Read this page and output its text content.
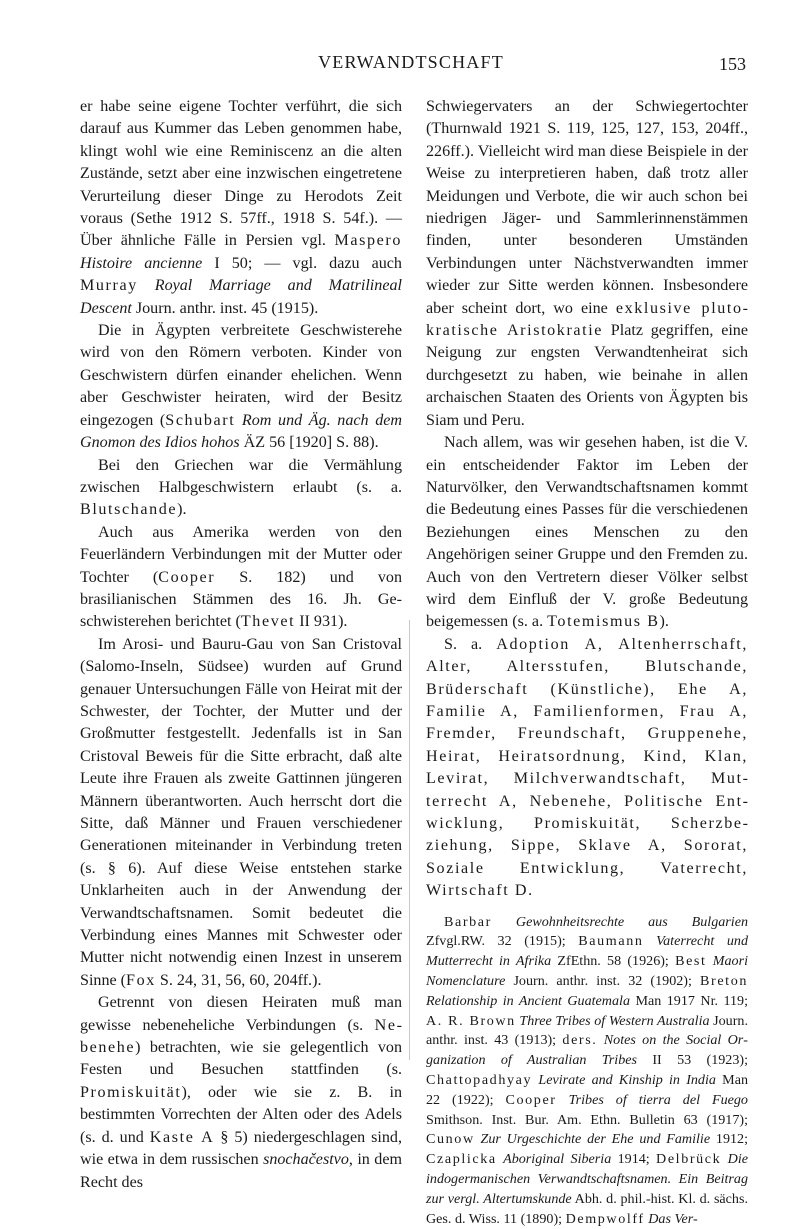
VERWANDTSCHAFT	153

er habe seine eigene Tochter verführt, die sich darauf aus Kummer das Leben genommen habe, klingt wohl wie eine Reminiscenz an die alten Zustände, setzt aber eine inzwischen eingetretene Verurteilung dieser Dinge zu Herodots Zeit voraus (Sethe 1912 S. 57ff., 1918 S. 54f.). — Über ähnliche Fälle in Persien vgl. Maspero Histoire ancienne I 50; — vgl. dazu auch Murray Royal Marriage and Matrilineal Descent Journ. anthr. inst. 45 (1915).

Die in Ägypten verbreitete Geschwisterehe wird von den Römern verboten. Kinder von Geschwistern dürfen einander ehelichen. Wenn aber Geschwister heiraten, wird der Besitz eingezogen (Schubart Rom und Äg. nach dem Gnomon des Idios hohos ÄZ 56 [1920] S. 88).

Bei den Griechen war die Vermählung zwischen Halbgeschwistern erlaubt (s. a. Blutschande).

Auch aus Amerika werden von den Feuerländern Verbindungen mit der Mutter oder Tochter (Cooper S. 182) und von brasilianischen Stämmen des 16. Jh. Geschwisterehen berichtet (Thevet II 931).

Im Arosi- und Bauru-Gau von San Cristoval (Salomo-Inseln, Südsee) wurden auf Grund genauer Untersuchungen Fälle von Heirat mit der Schwester, der Tochter, der Mutter und der Großmutter festgestellt. Jedenfalls ist in San Cristoval Beweis für die Sitte erbracht, daß alte Leute ihre Frauen als zweite Gattinnen jüngeren Männern überantworten. Auch herrscht dort die Sitte, daß Männer und Frauen verschiedener Generationen miteinander in Verbindung treten (s. § 6). Auf diese Weise entstehen starke Unklarheiten auch in der Anwendung der Verwandtschaftsnamen. Somit bedeutet die Verbindung eines Mannes mit Schwester oder Mutter nicht notwendig einen Inzest in unserem Sinne (Fox S. 24, 31, 56, 60, 204ff.).

Getrennt von diesen Heiraten muß man gewisse nebeneheliche Verbindungen (s. Nebenehe) betrachten, wie sie gelegentlich von Festen und Besuchen stattfinden (s. Promiskuität), oder wie sie z. B. in bestimmten Vorrechten der Alten oder des Adels (s. d. und Kaste A § 5) niedergeschlagen sind, wie etwa in dem russischen snochačestvo, in dem Recht des

Schwiegervaters an der Schwiegertochter (Thurnwald 1921 S. 119, 125, 127, 153, 204ff., 226ff.). Vielleicht wird man diese Beispiele in der Weise zu interpretieren haben, daß trotz aller Meidungen und Verbote, die wir auch schon bei niedrigen Jäger- und Sammlerinnenstämmen finden, unter besonderen Umständen Verbindungen unter Nächstverwandten immer wieder zur Sitte werden können. Insbesondere aber scheint dort, wo eine exklusive plutokratische Aristokratie Platz gegriffen, eine Neigung zur engsten Verwandtenheirat sich durchgesetzt zu haben, wie beinahe in allen archaischen Staaten des Orients von Ägypten bis Siam und Peru.

Nach allem, was wir gesehen haben, ist die V. ein entscheidender Faktor im Leben der Naturvölker, den Verwandtschaftsnamen kommt die Bedeutung eines Passes für die verschiedenen Beziehungen eines Menschen zu den Angehörigen seiner Gruppe und den Fremden zu. Auch von den Vertretern dieser Völker selbst wird dem Einfluß der V. große Bedeutung beigemessen (s. a. Totemismus B).

S. a. Adoption A, Altenherrschaft, Alter, Altersstufen, Blutschande, Brüderschaft (Künstliche), Ehe A, Familie A, Familienformen, Frau A, Fremder, Freundschaft, Gruppenehe, Heirat, Heiratsordnung, Kind, Klan, Levirat, Milchverwandtschaft, Mutterrecht A, Nebenehe, Politische Entwicklung, Promiskuität, Scherzbeziehung, Sippe, Sklave A, Sororat, Soziale Entwicklung, Vaterrecht, Wirtschaft D.

Barbar Gewohnheitsrechte aus Bulgarien Zfvgl.RW. 32 (1915); Baumann Vaterrecht und Mutterrecht in Afrika ZfEthn. 58 (1926); Best Maori Nomenclature Journ. anthr. inst. 32 (1902); Breton Relationship in Ancient Guatemala Man 1917 Nr. 119; A. R. Brown Three Tribes of Western Australia Journ. anthr. inst. 43 (1913); ders. Notes on the Social Organization of Australian Tribes II 53 (1923); Chattopadhyay Levirate and Kinship in India Man 22 (1922); Cooper Tribes of tierra del Fuego Smithson. Inst. Bur. Am. Ethn. Bulletin 63 (1917); Cunow Zur Urgeschichte der Ehe und Familie 1912; Czaplicka Aboriginal Siberia 1914; Delbrück Die indogermanischen Verwandtschaftsnamen. Ein Beitrag zur vergl. Altertumskunde Abh. d. phil.-hist. Kl. d. sächs. Ges. d. Wiss. 11 (1890); Dempwolff Das Ver-
